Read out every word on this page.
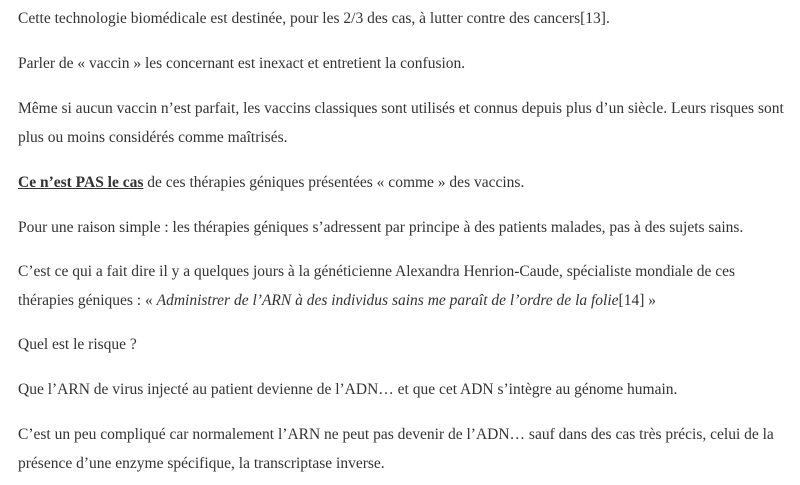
Cette technologie biomédicale est destinée, pour les 2/3 des cas, à lutter contre des cancers[13].

Parler de « vaccin » les concernant est inexact et entretient la confusion.

Même si aucun vaccin n’est parfait, les vaccins classiques sont utilisés et connus depuis plus d’un siècle. Leurs risques sont plus ou moins considérés comme maîtrisés.

Ce n’est PAS le cas de ces thérapies géniques présentées « comme » des vaccins.

Pour une raison simple : les thérapies géniques s’adressent par principe à des patients malades, pas à des sujets sains.

C’est ce qui a fait dire il y a quelques jours à la généticienne Alexandra Henrion-Caude, spécialiste mondiale de ces thérapies géniques : « Administrer de l’ARN à des individus sains me paraît de l’ordre de la folie[14] »

Quel est le risque ?

Que l’ARN de virus injecté au patient devienne de l’ADN… et que cet ADN s’intègre au génome humain.

C’est un peu compliqué car normalement l’ARN ne peut pas devenir de l’ADN… sauf dans des cas très précis, celui de la présence d’une enzyme spécifique, la transcriptase inverse.
